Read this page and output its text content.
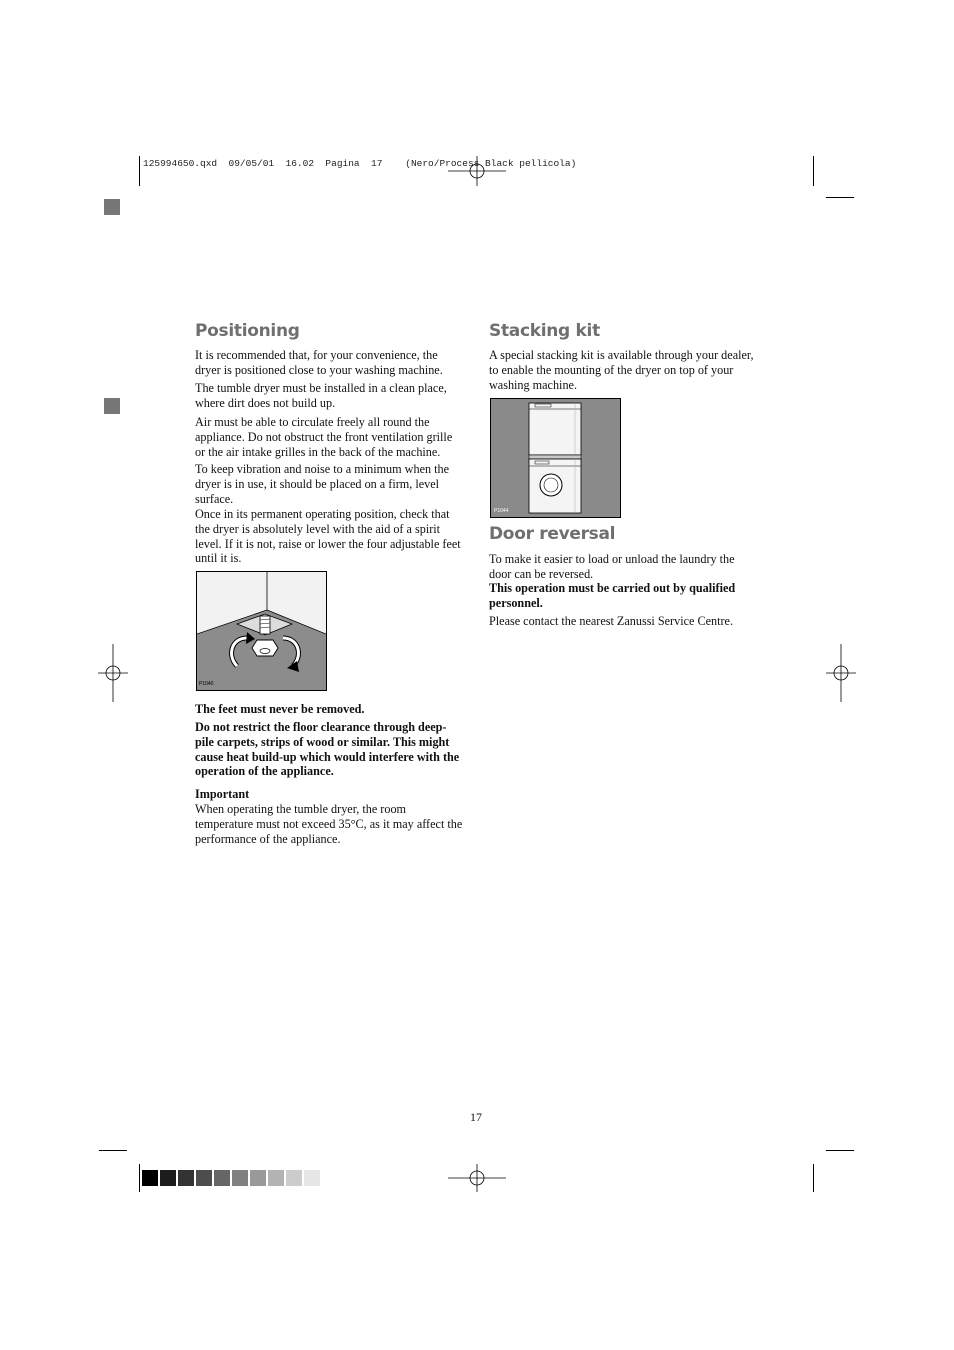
125994650.qxd  09/05/01  16.02  Pagina  17    (Nero/Process Black pellicola)
Positioning

It is recommended that, for your convenience, the dryer is positioned close to your washing machine.

The tumble dryer must be installed in a clean place, where dirt does not build up.

Air must be able to circulate freely all round the appliance. Do not obstruct the front ventilation grille or the air intake grilles in the back of the machine.

To keep vibration and noise to a minimum when the dryer is in use, it should be placed on a firm, level surface.

Once in its permanent operating position, check that the dryer is absolutely level with the aid of a spirit level. If it is not, raise or lower the four adjustable feet until it is.

P1040

The feet must never be removed.

Do not restrict the floor clearance through deep-pile carpets, strips of wood or similar. This might cause heat build-up which would interfere with the operation of the appliance.

Important

When operating the tumble dryer, the room temperature must not exceed 35°C, as it may affect the performance of the appliance.

Stacking kit

A special stacking kit is available through your dealer, to enable the mounting of the dryer on top of your washing machine.

P1044
Door reversal

To make it easier to load or unload the laundry the door can be reversed.

This operation must be carried out by qualified personnel.

Please contact the nearest Zanussi Service Centre.

17
